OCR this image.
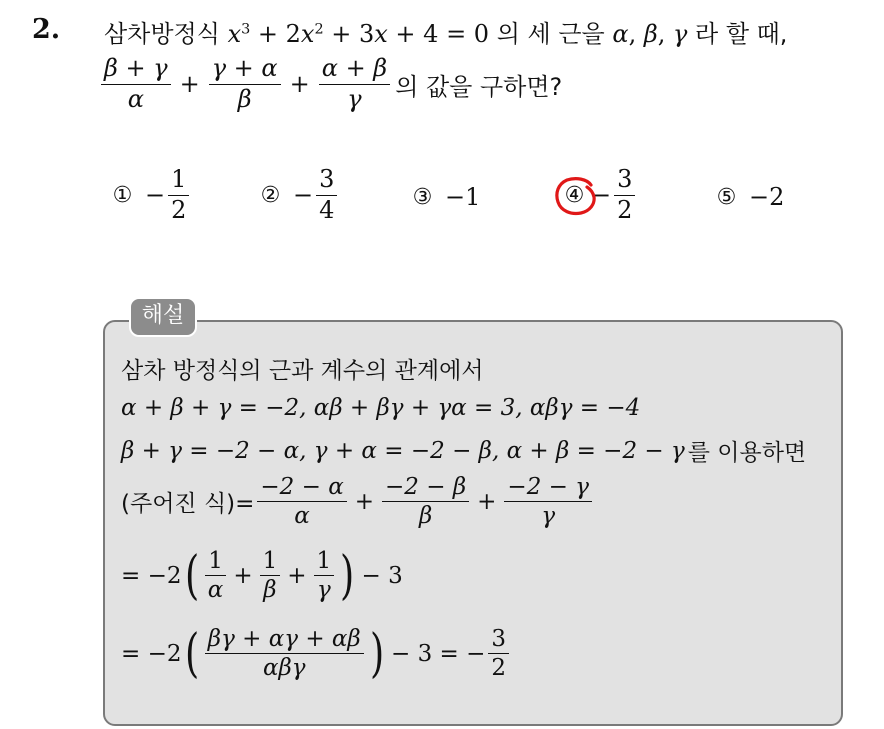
2. 삼차방정식 $x^3 + 2x^2 + 3x + 4 = 0$ 의 세 근을 α, β, γ 라 할 때,
$\frac{\beta + \gamma}{\alpha} + \frac{\gamma + \alpha}{\beta} + \frac{\alpha + \beta}{\gamma}$ 의 값을 구하면?
① − $\frac{1}{2}$	② − $\frac{3}{4}$	③ −1	④ − $\frac{3}{2}$	⑤ −2
해설
삼차 방정식의 근과 계수의 관계에서
α + β + γ = −2, αβ + βγ + γα = 3, αβγ = −4
β + γ = −2 − α, γ + α = −2 − β, α + β = −2 − γ 를 이용하면
(주어진 식)= $\frac{-2 - \alpha}{\alpha} + \frac{-2 - \beta}{\beta} + \frac{-2 - \gamma}{\gamma}$
= −2 ( $\frac{1}{\alpha} + \frac{1}{\beta} + \frac{1}{\gamma}$ ) − 3
= −2 ( $\frac{\beta\gamma + \alpha\gamma + \alpha\beta}{\text{αβγ}}$ ) − 3 = − $\frac{3}{2}$
